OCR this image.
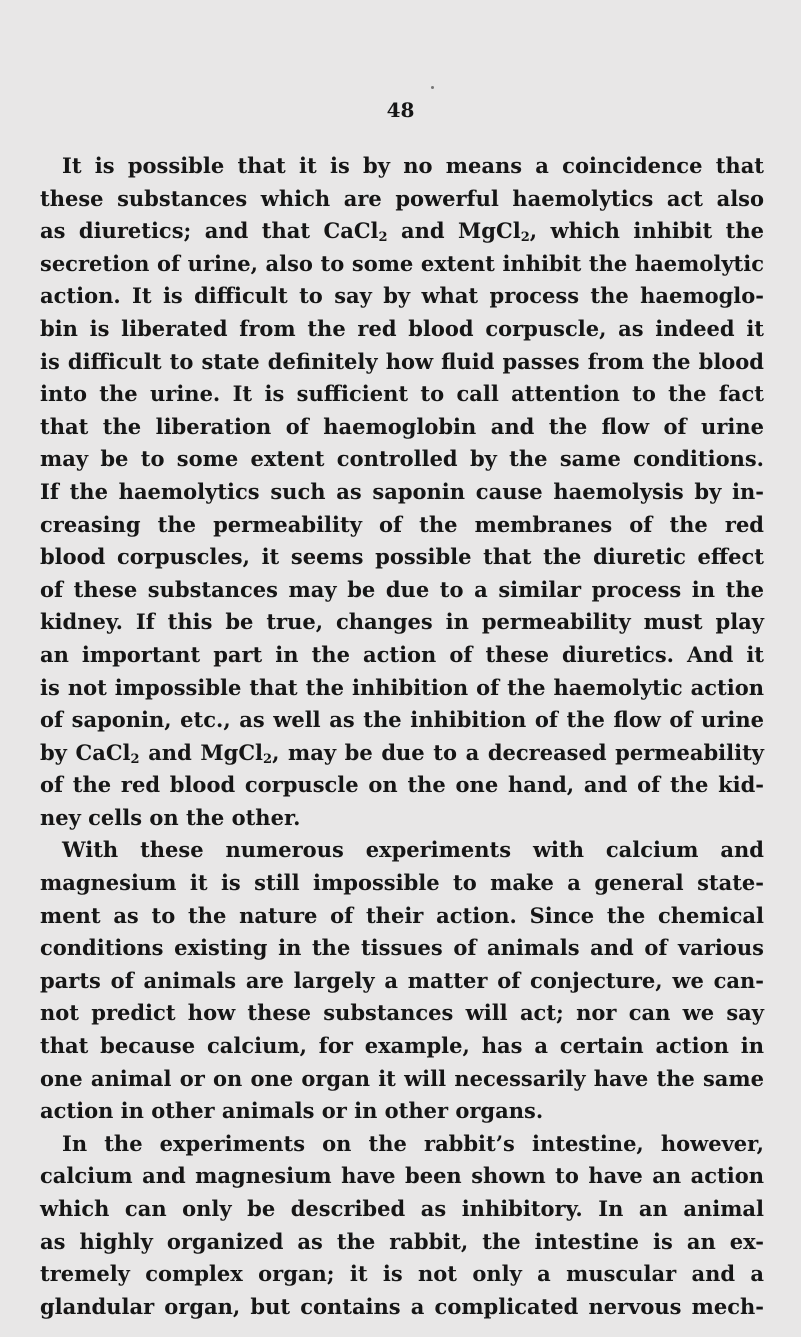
48
It is possible that it is by no means a coincidence that
these substances which are powerful haemolytics act also
as diuretics; and that CaCl$_2$ and MgCl$_2$, which inhibit the
secretion of urine, also to some extent inhibit the haemolytic
action. It is difficult to say by what process the haemoglo-
bin is liberated from the red blood corpuscle, as indeed it
is difficult to state definitely how fluid passes from the blood
into the urine. It is sufficient to call attention to the fact
that the liberation of haemoglobin and the flow of urine
may be to some extent controlled by the same conditions.
If the haemolytics such as saponin cause haemolysis by in-
creasing the permeability of the membranes of the red
blood corpuscles, it seems possible that the diuretic effect
of these substances may be due to a similar process in the
kidney. If this be true, changes in permeability must play
an important part in the action of these diuretics. And it
is not impossible that the inhibition of the haemolytic action
of saponin, etc., as well as the inhibition of the flow of urine
by CaCl$_2$ and MgCl$_2$, may be due to a decreased permeability
of the red blood corpuscle on the one hand, and of the kid-
ney cells on the other.
With these numerous experiments with calcium and
magnesium it is still impossible to make a general state-
ment as to the nature of their action. Since the chemical
conditions existing in the tissues of animals and of various
parts of animals are largely a matter of conjecture, we can-
not predict how these substances will act; nor can we say
that because calcium, for example, has a certain action in
one animal or on one organ it will necessarily have the same
action in other animals or in other organs.
In the experiments on the rabbit’s intestine, however,
calcium and magnesium have been shown to have an action
which can only be described as inhibitory. In an animal
as highly organized as the rabbit, the intestine is an ex-
tremely complex organ; it is not only a muscular and a
glandular organ, but contains a complicated nervous mech-
